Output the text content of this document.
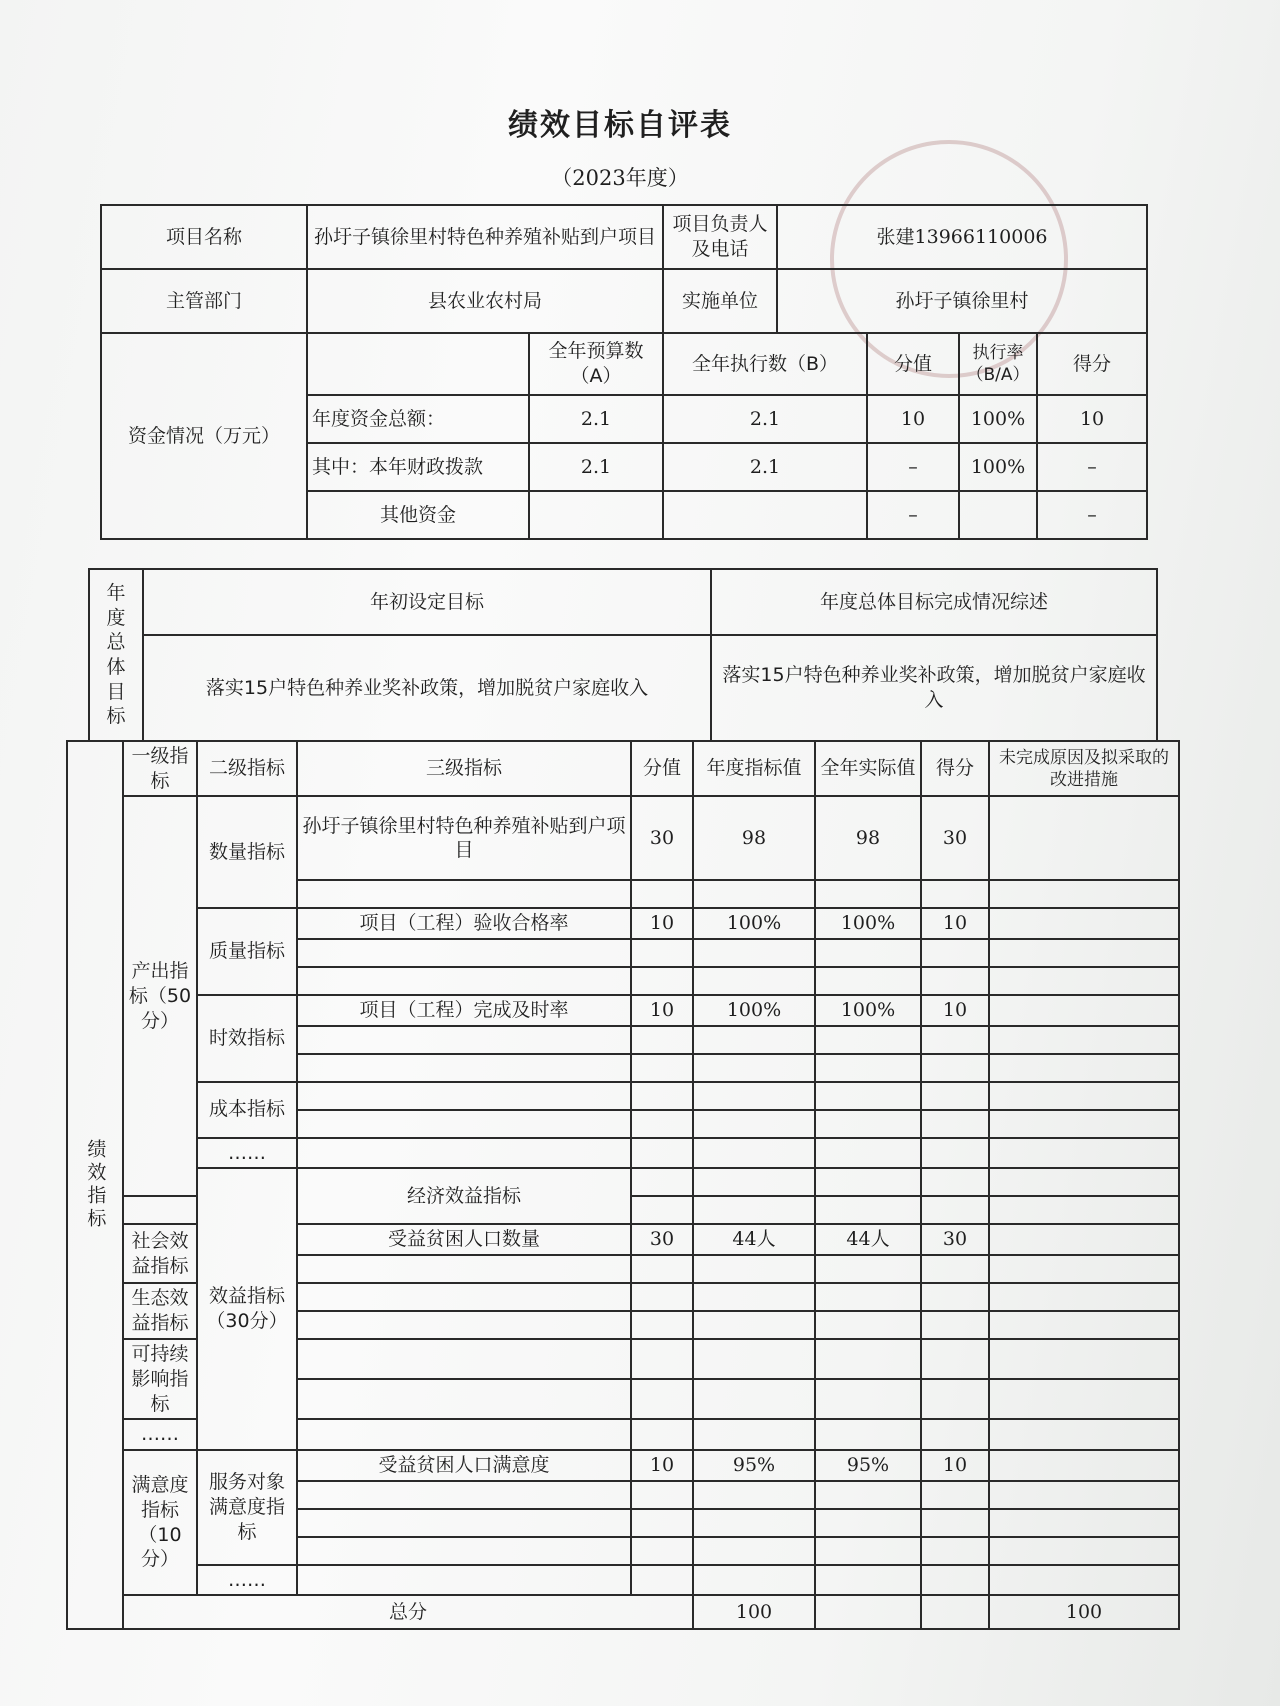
绩效目标自评表
（2023年度）
项目名称	孙圩子镇徐里村特色种养殖补贴到户项目		项目负责人及电话	张建13966110006			
主管部门	县农业农村局		实施单位	孙圩子镇徐里村			
资金情况（万元）		全年预算数（A）	全年执行数（B）		分值	执行率（B/A）	得分
	年度资金总额：	2.1	2.1		10	100%	10
	其中：本年财政拨款	2.1	2.1		–	100%	–
	其他资金				–		–
年度总体目标	年初设定目标	年度总体目标完成情况综述
	落实15户特色种养业奖补政策，增加脱贫户家庭收入	落实15户特色种养业奖补政策，增加脱贫户家庭收入
绩效指标	一级指标	二级指标	三级指标	分值	年度指标值	全年实际值	得分	未完成原因及拟采取的改进措施	
	产出指标（50分）	数量指标	孙圩子镇徐里村特色种养殖补贴到户项目	30	98	98	30		

		质量指标	项目（工程）验收合格率	10	100%	100%	10		

		时效指标	项目（工程）完成及时率	10	100%	100%	10		

		成本指标							

		……							
		效益指标（30分）	经济效益指标						

	社会效益指标		受益贫困人口数量	30	44人	44人	30		

	生态效益指标								

	可持续影响指标								

	……								
	满意度指标（10分）	服务对象满意度指标	受益贫困人口满意度	10	95%	95%	10		

		……							
	总分				100			100	
